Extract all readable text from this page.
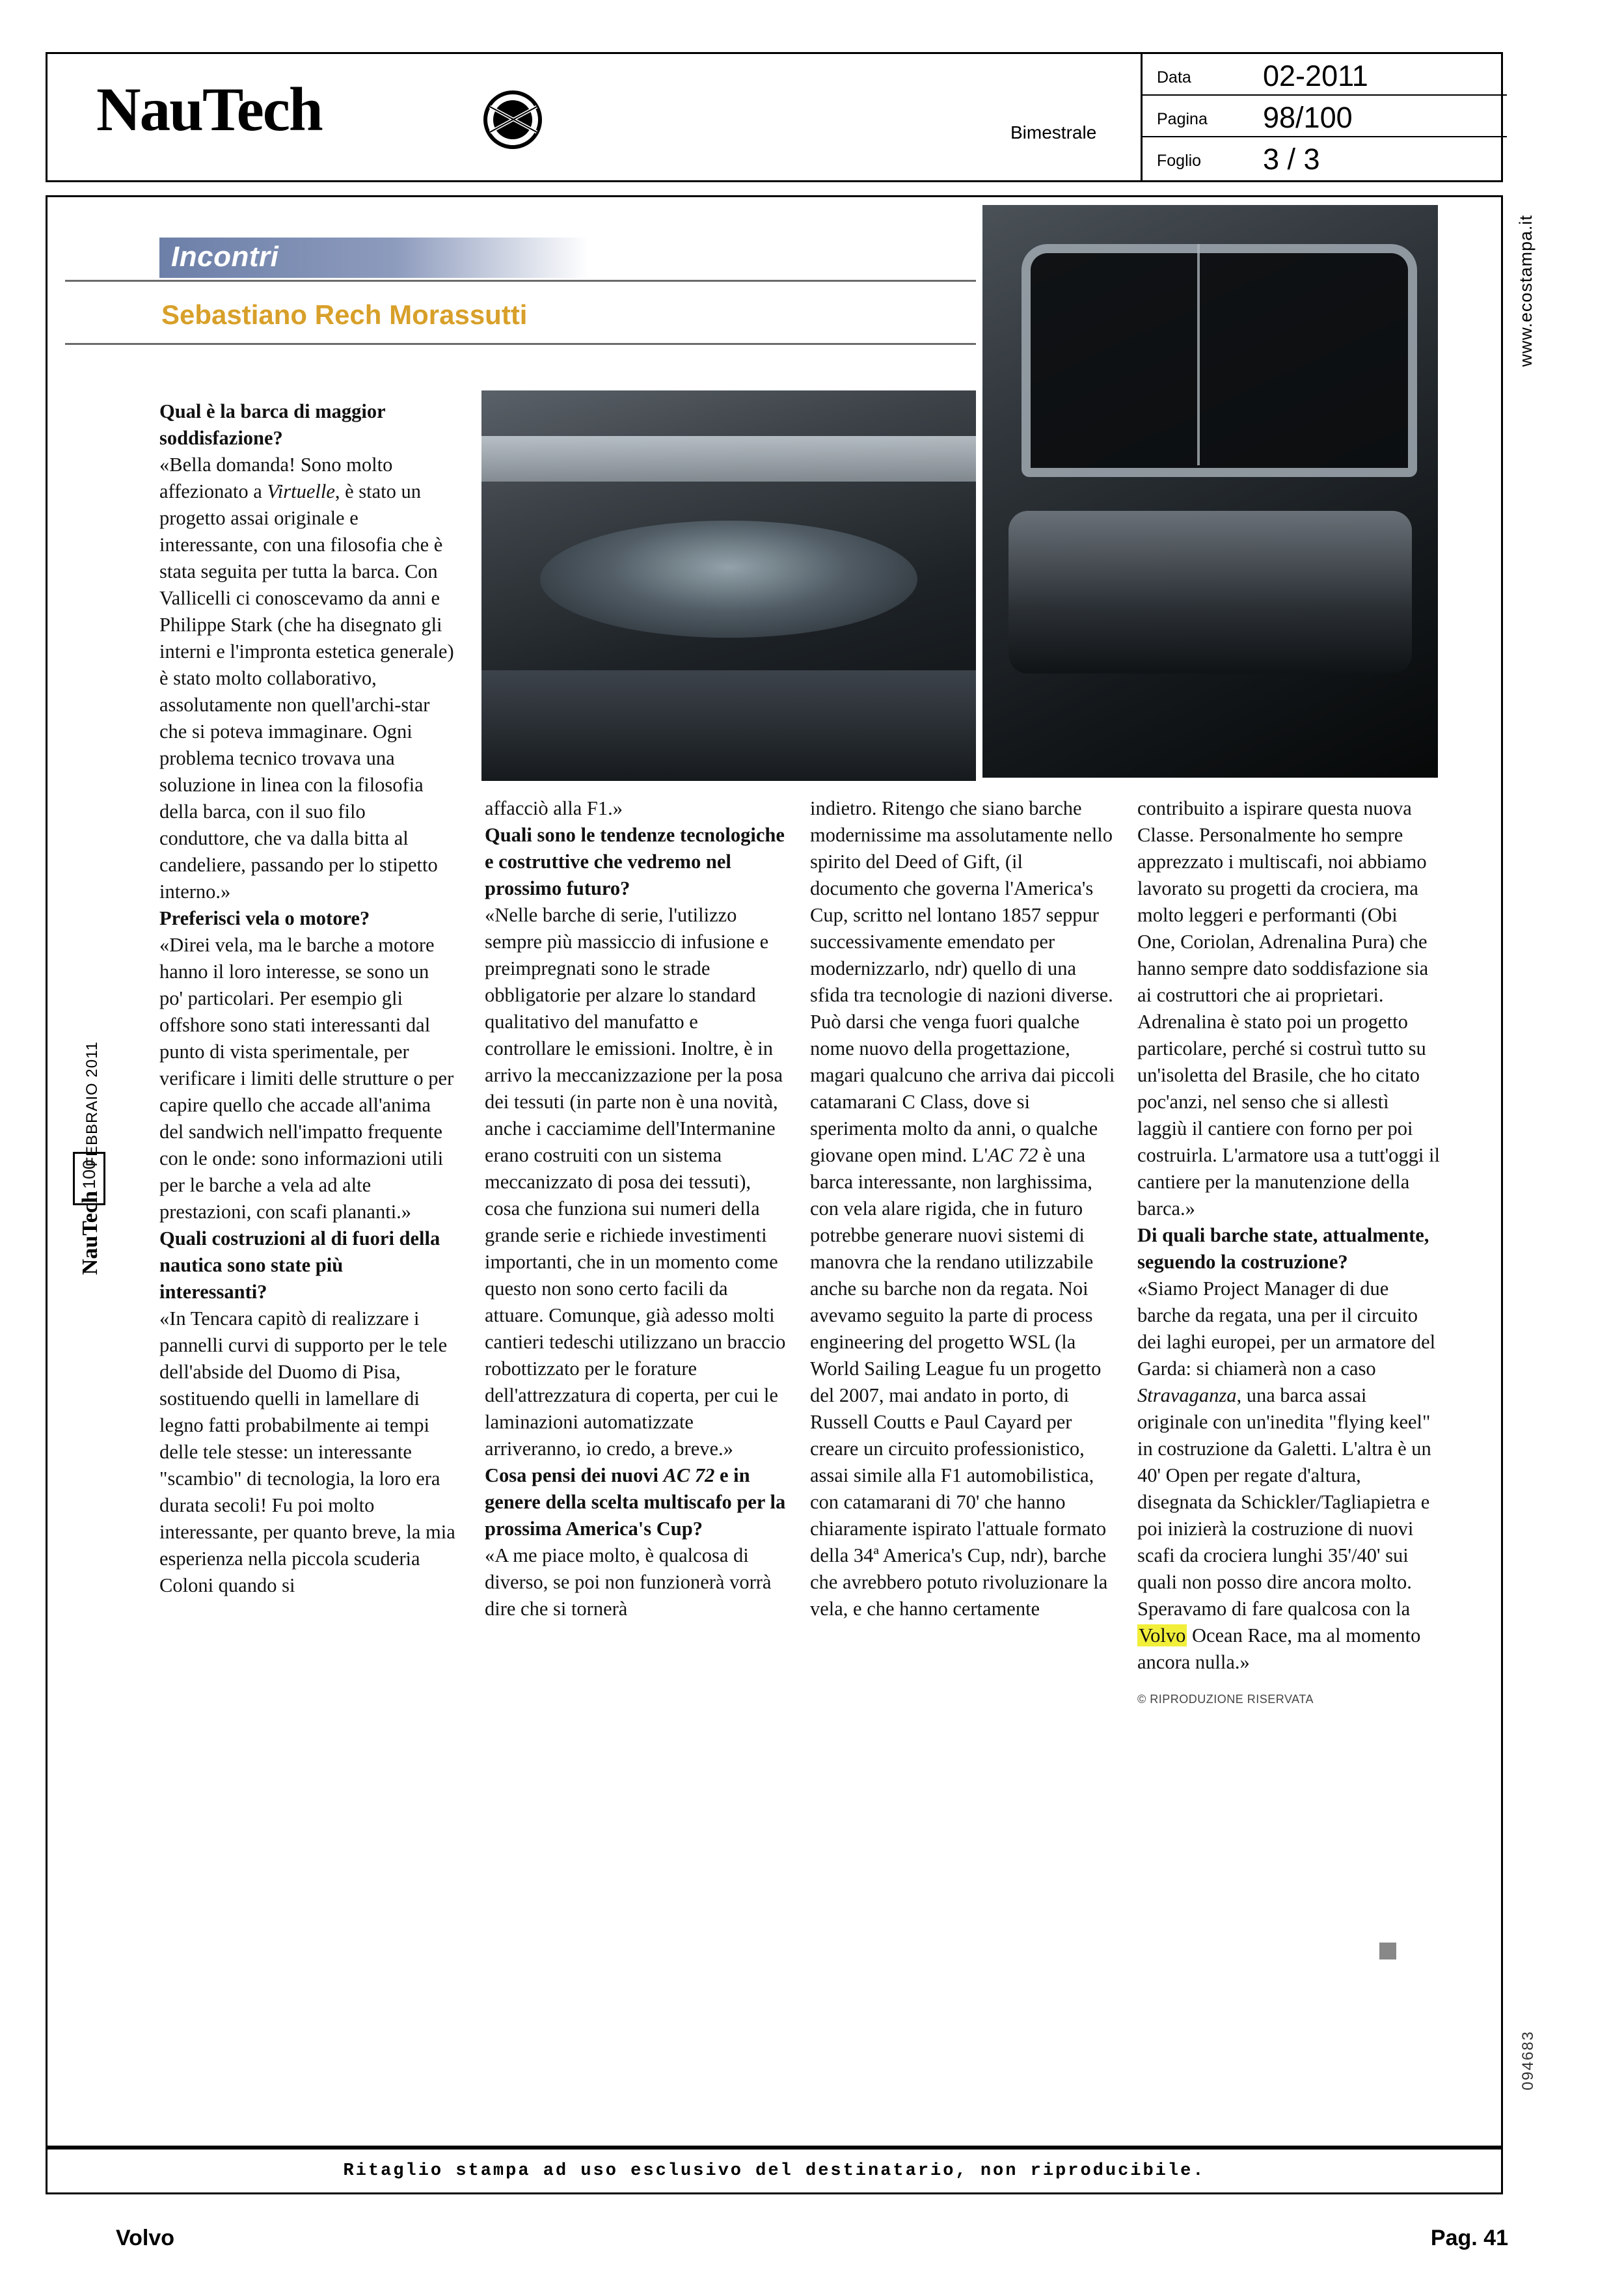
NauTech	Bimestrale
Data 02-2011
Pagina 98/100
Foglio 3 / 3
www.ecostampa.it
094683
Incontri
Sebastiano Rech Morassutti
NauTech
FEBBRAIO 2011
100

Qual è la barca di maggior soddisfazione?

«Bella domanda! Sono molto affezionato a Virtuelle, è stato un progetto assai originale e interessante, con una filosofia che è stata seguita per tutta la barca. Con Vallicelli ci conoscevamo da anni e Philippe Stark (che ha disegnato gli interni e l'impronta estetica generale) è stato molto collaborativo, assolutamente non quell'archi-star che si poteva immaginare. Ogni problema tecnico trovava una soluzione in linea con la filosofia della barca, con il suo filo conduttore, che va dalla bitta al candeliere, passando per lo stipetto interno.»

Preferisci vela o motore?

«Direi vela, ma le barche a motore hanno il loro interesse, se sono un po' particolari. Per esempio gli offshore sono stati interessanti dal punto di vista sperimentale, per verificare i limiti delle strutture o per capire quello che accade all'anima del sandwich nell'impatto frequente con le onde: sono informazioni utili per le barche a vela ad alte prestazioni, con scafi plananti.»

Quali costruzioni al di fuori della nautica sono state più interessanti?

«In Tencara capitò di realizzare i pannelli curvi di supporto per le tele dell'abside del Duomo di Pisa, sostituendo quelli in lamellare di legno fatti probabilmente ai tempi delle tele stesse: un interessante "scambio" di tecnologia, la loro era durata secoli! Fu poi molto interessante, per quanto breve, la mia esperienza nella piccola scuderia Coloni quando si

affacciò alla F1.»

Quali sono le tendenze tecnologiche e costruttive che vedremo nel prossimo futuro?

«Nelle barche di serie, l'utilizzo sempre più massiccio di infusione e preimpregnati sono le strade obbligatorie per alzare lo standard qualitativo del manufatto e controllare le emissioni. Inoltre, è in arrivo la meccanizzazione per la posa dei tessuti (in parte non è una novità, anche i cacciamime dell'Intermanine erano costruiti con un sistema meccanizzato di posa dei tessuti), cosa che funziona sui numeri della grande serie e richiede investimenti importanti, che in un momento come questo non sono certo facili da attuare. Comunque, già adesso molti cantieri tedeschi utilizzano un braccio robottizzato per le forature dell'attrezzatura di coperta, per cui le laminazioni automatizzate arriveranno, io credo, a breve.»

Cosa pensi dei nuovi AC 72 e in genere della scelta multiscafo per la prossima America's Cup?

«A me piace molto, è qualcosa di diverso, se poi non funzionerà vorrà dire che si tornerà

indietro. Ritengo che siano barche modernissime ma assolutamente nello spirito del Deed of Gift, (il documento che governa l'America's Cup, scritto nel lontano 1857 seppur successivamente emendato per modernizzarlo, ndr) quello di una sfida tra tecnologie di nazioni diverse. Può darsi che venga fuori qualche nome nuovo della progettazione, magari qualcuno che arriva dai piccoli catamarani C Class, dove si sperimenta molto da anni, o qualche giovane open mind. L'AC 72 è una barca interessante, non larghissima, con vela alare rigida, che in futuro potrebbe generare nuovi sistemi di manovra che la rendano utilizzabile anche su barche non da regata. Noi avevamo seguito la parte di process engineering del progetto WSL (la World Sailing League fu un progetto del 2007, mai andato in porto, di Russell Coutts e Paul Cayard per creare un circuito professionistico, assai simile alla F1 automobilistica, con catamarani di 70' che hanno chiaramente ispirato l'attuale formato della 34ª America's Cup, ndr), barche che avrebbero potuto rivoluzionare la vela, e che hanno certamente

contribuito a ispirare questa nuova Classe. Personalmente ho sempre apprezzato i multiscafi, noi abbiamo lavorato su progetti da crociera, ma molto leggeri e performanti (Obi One, Coriolan, Adrenalina Pura) che hanno sempre dato soddisfazione sia ai costruttori che ai proprietari. Adrenalina è stato poi un progetto particolare, perché si costruì tutto su un'isoletta del Brasile, che ho citato poc'anzi, nel senso che si allestì laggiù il cantiere con forno per poi costruirla. L'armatore usa a tutt'oggi il cantiere per la manutenzione della barca.»

Di quali barche state, attualmente, seguendo la costruzione?

«Siamo Project Manager di due barche da regata, una per il circuito dei laghi europei, per un armatore del Garda: si chiamerà non a caso Stravaganza, una barca assai originale con un'inedita "flying keel" in costruzione da Galetti. L'altra è un 40' Open per regate d'altura, disegnata da Schickler/Tagliapietra e poi inizierà la costruzione di nuovi scafi da crociera lunghi 35'/40' sui quali non posso dire ancora molto. Speravamo di fare qualcosa con la Volvo Ocean Race, ma al momento ancora nulla.»

© RIPRODUZIONE RISERVATA

Ritaglio stampa ad uso esclusivo del destinatario, non riproducibile.
Volvo	Pag. 41
